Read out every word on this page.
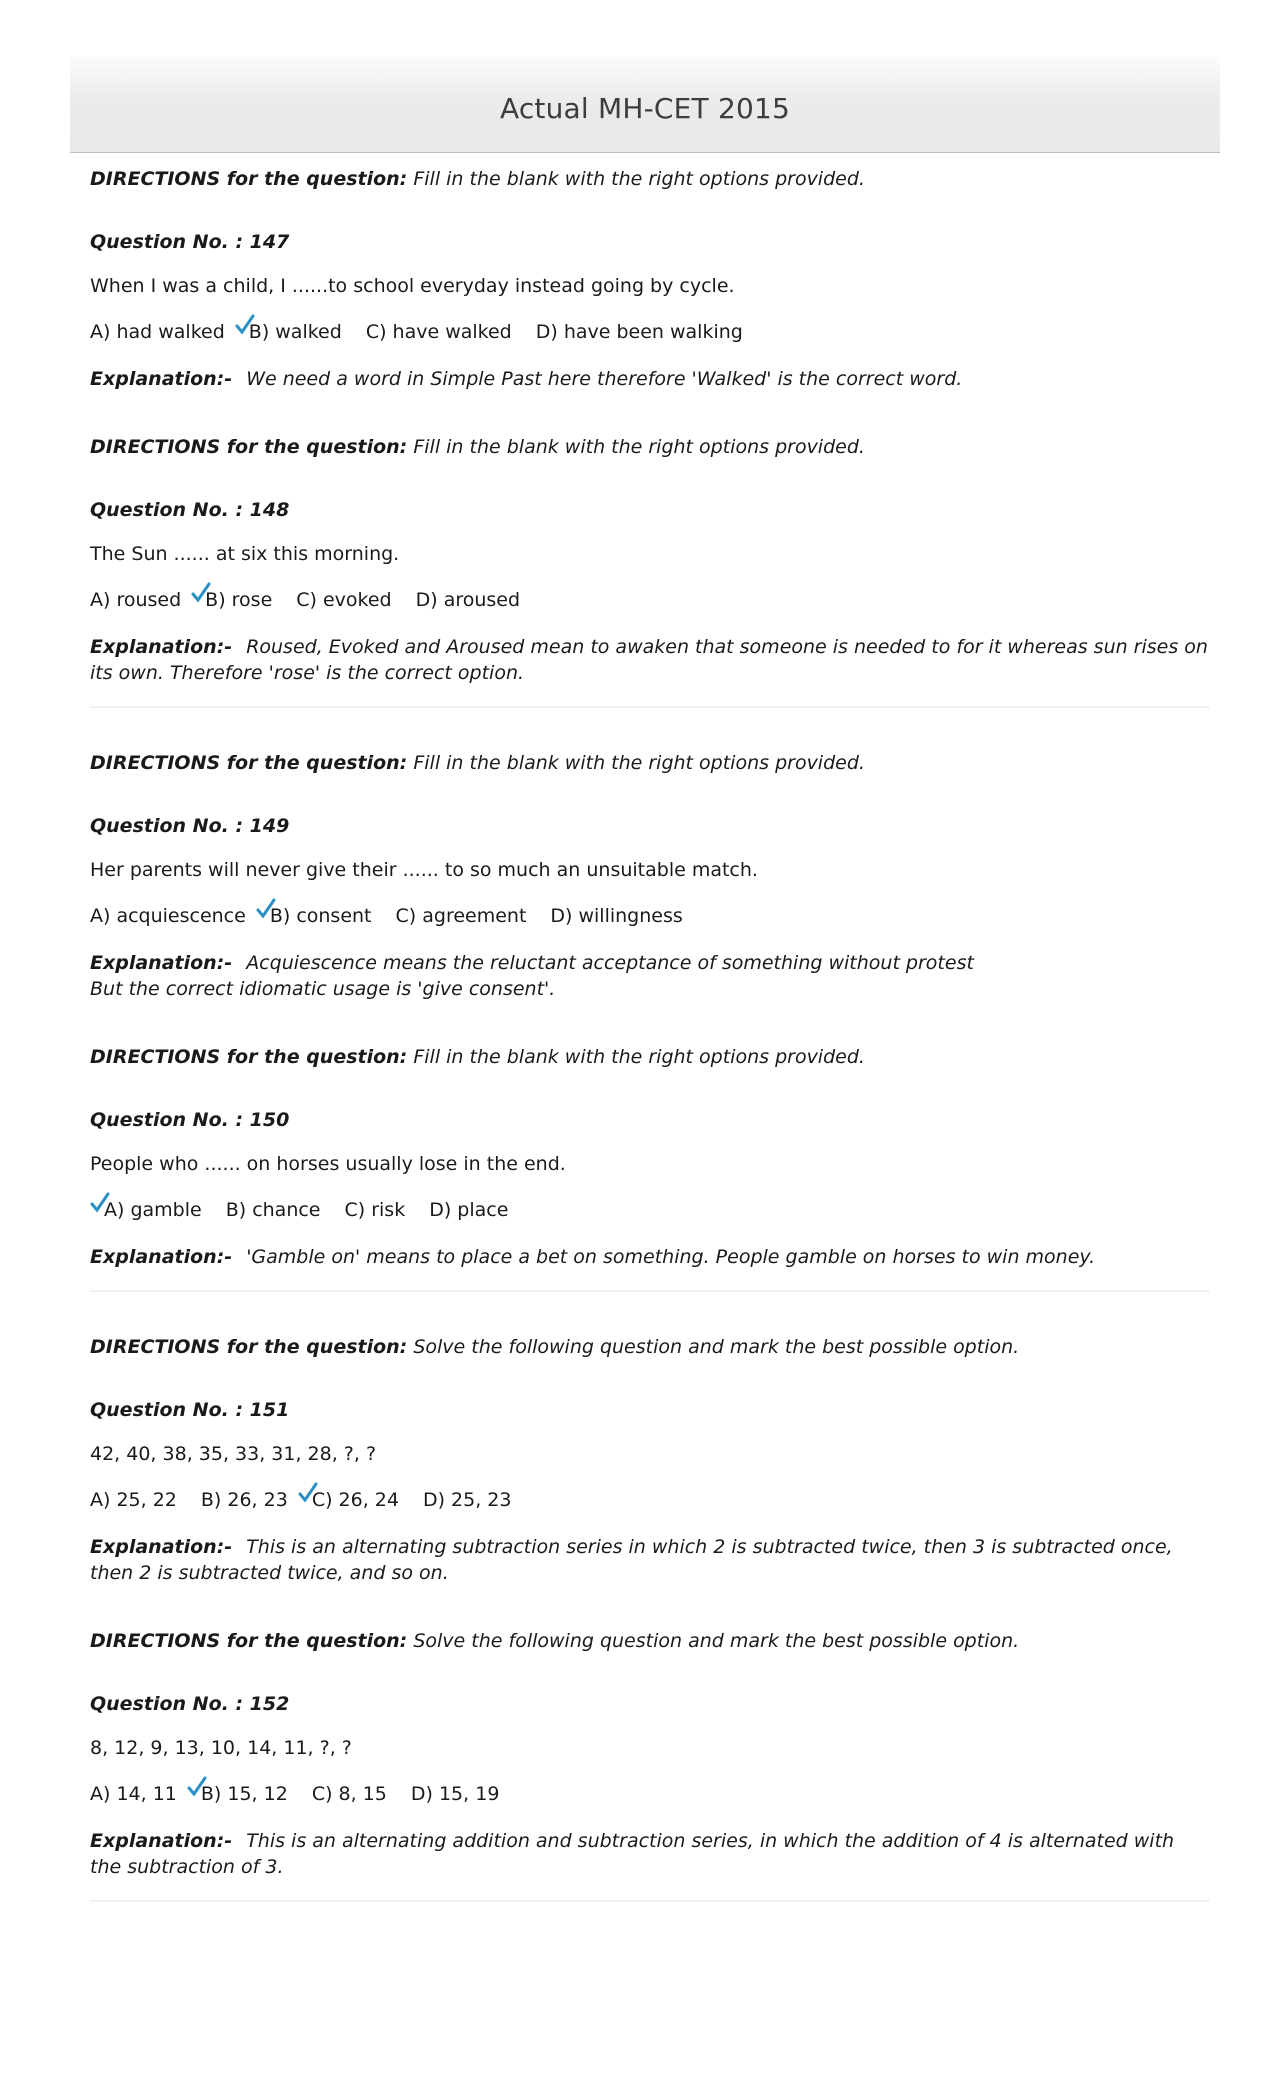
Actual MH-CET 2015

DIRECTIONS for the question: Fill in the blank with the right options provided.

Question No. : 147

When I was a child, I ......to school everyday instead going by cycle.

A) had walked B) walked C) have walked D) have been walking

Explanation:- We need a word in Simple Past here therefore 'Walked' is the correct word.

DIRECTIONS for the question: Fill in the blank with the right options provided.

Question No. : 148

The Sun ...... at six this morning.

A) roused B) rose C) evoked D) aroused

Explanation:- Roused, Evoked and Aroused mean to awaken that someone is needed to for it whereas sun rises on its own. Therefore 'rose' is the correct option.

DIRECTIONS for the question: Fill in the blank with the right options provided.

Question No. : 149

Her parents will never give their ...... to so much an unsuitable match.

A) acquiescence B) consent C) agreement D) willingness

Explanation:- Acquiescence means the reluctant acceptance of something without protest
But the correct idiomatic usage is 'give consent'.

DIRECTIONS for the question: Fill in the blank with the right options provided.

Question No. : 150

People who ...... on horses usually lose in the end.

A) gamble B) chance C) risk D) place

Explanation:- 'Gamble on' means to place a bet on something. People gamble on horses to win money.

DIRECTIONS for the question: Solve the following question and mark the best possible option.

Question No. : 151

42, 40, 38, 35, 33, 31, 28, ?, ?

A) 25, 22 B) 26, 23 C) 26, 24 D) 25, 23

Explanation:- This is an alternating subtraction series in which 2 is subtracted twice, then 3 is subtracted once, then 2 is subtracted twice, and so on.

DIRECTIONS for the question: Solve the following question and mark the best possible option.

Question No. : 152

8, 12, 9, 13, 10, 14, 11, ?, ?

A) 14, 11 B) 15, 12 C) 8, 15 D) 15, 19

Explanation:- This is an alternating addition and subtraction series, in which the addition of 4 is alternated with the subtraction of 3.
